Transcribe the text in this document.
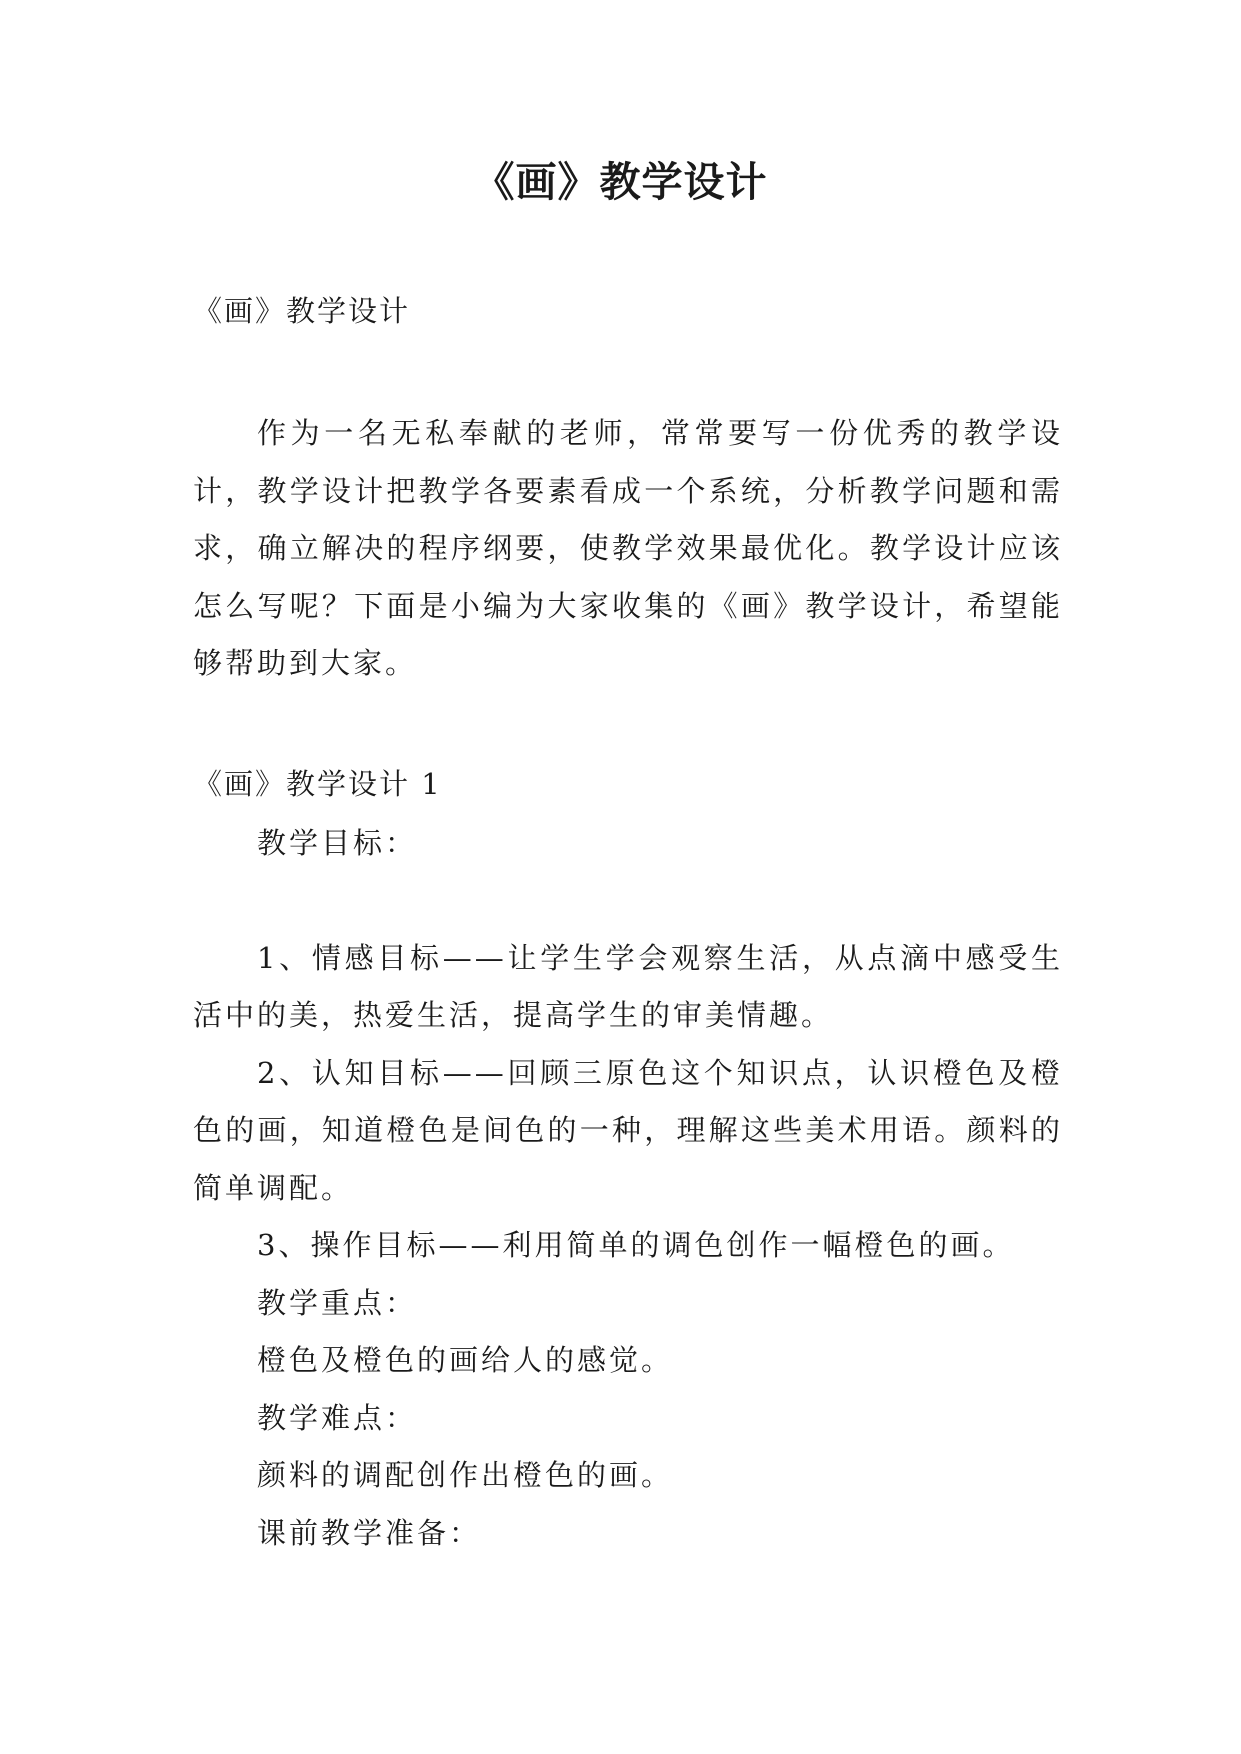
《画》教学设计

《画》教学设计

作为一名无私奉献的老师，常常要写一份优秀的教学设计，教学设计把教学各要素看成一个系统，分析教学问题和需求，确立解决的程序纲要，使教学效果最优化。教学设计应该怎么写呢？下面是小编为大家收集的《画》教学设计，希望能够帮助到大家。

《画》教学设计 1

教学目标：

1、情感目标——让学生学会观察生活，从点滴中感受生活中的美，热爱生活，提高学生的审美情趣。

2、认知目标——回顾三原色这个知识点，认识橙色及橙色的画，知道橙色是间色的一种，理解这些美术用语。颜料的简单调配。

3、操作目标——利用简单的调色创作一幅橙色的画。

教学重点：

橙色及橙色的画给人的感觉。

教学难点：

颜料的调配创作出橙色的画。

课前教学准备：
